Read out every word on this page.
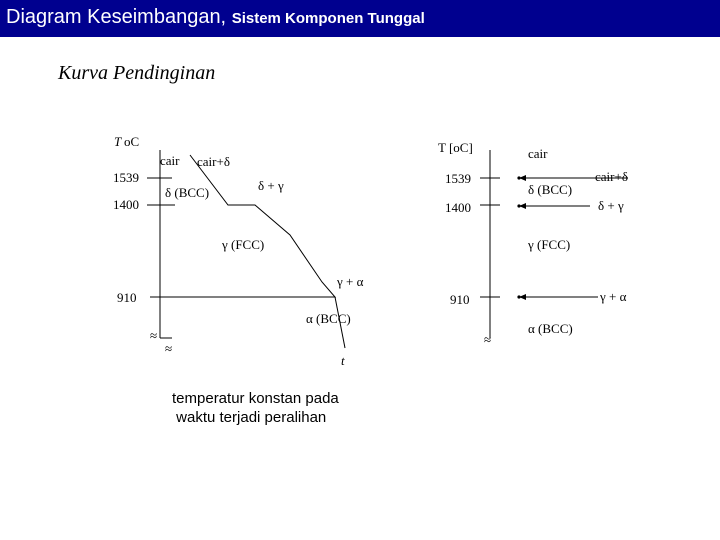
Diagram Keseimbangan, Sistem Komponen Tunggal
Kurva Pendinginan
≈
≈
T oC
1539
1400
910
cair cair+δ
δ (BCC)	δ + γ
γ (FCC)
γ + α
α (BCC)
t
≈
T [oC]
1539
1400
910
cair
cair+δ
δ (BCC)
δ + γ
γ (FCC)
γ + α
α (BCC)
temperatur konstan pada
waktu terjadi peralihan
